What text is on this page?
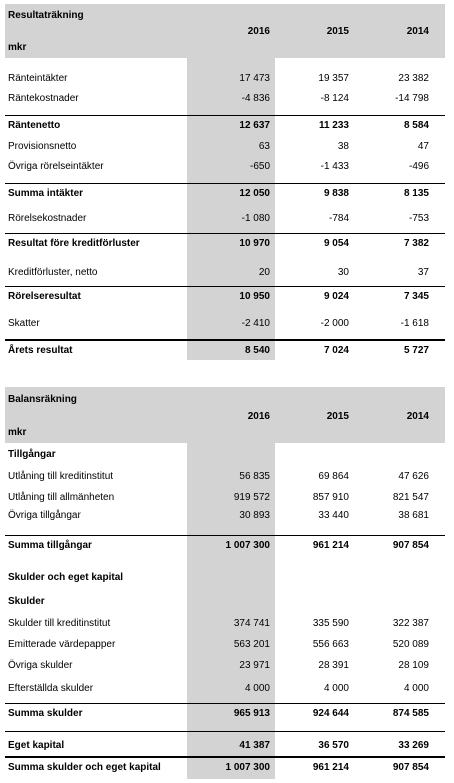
Resultaträkning
2016	2015	2014
mkr
Ränteintäkter	17 473	19 357	23 382
Räntekostnader	-4 836	-8 124	-14 798
Räntenetto	12 637	11 233	8 584
Provisionsnetto	63	38	47
Övriga rörelseintäkter	-650	-1 433	-496
Summa intäkter	12 050	9 838	8 135
Rörelsekostnader	-1 080	-784	-753
Resultat före kreditförluster	10 970	9 054	7 382
Kreditförluster, netto	20	30	37
Rörelseresultat	10 950	9 024	7 345
Skatter	-2 410	-2 000	-1 618
Årets resultat	8 540	7 024	5 727
Balansräkning
2016	2015	2014
mkr
Tillgångar
Utlåning till kreditinstitut	56 835	69 864	47 626
Utlåning till allmänheten	919 572	857 910	821 547
Övriga tillgångar	30 893	33 440	38 681
Summa tillgångar	1 007 300	961 214	907 854
Skulder och eget kapital
Skulder
Skulder till kreditinstitut	374 741	335 590	322 387
Emitterade värdepapper	563 201	556 663	520 089
Övriga skulder	23 971	28 391	28 109
Efterställda skulder	4 000	4 000	4 000
Summa skulder	965 913	924 644	874 585
Eget kapital	41 387	36 570	33 269
Summa skulder och eget kapital	1 007 300	961 214	907 854
